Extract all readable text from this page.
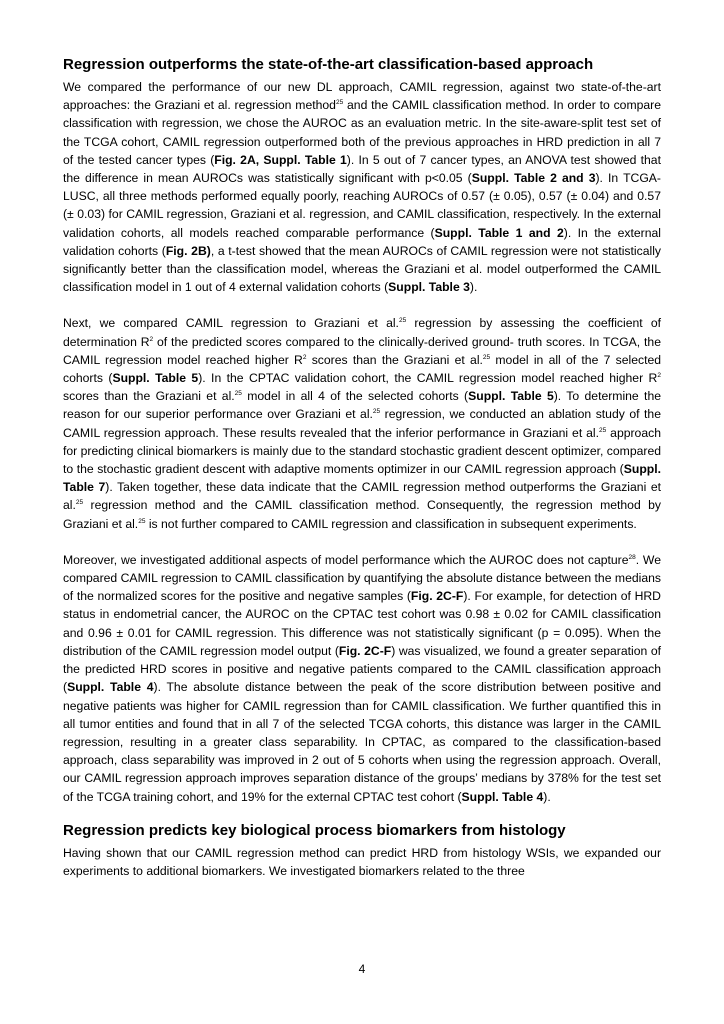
Regression outperforms the state-of-the-art classification-based approach

We compared the performance of our new DL approach, CAMIL regression, against two state-of-the-art approaches: the Graziani et al. regression method$^{25}$ and the CAMIL classification method. In order to compare classification with regression, we chose the AUROC as an evaluation metric. In the site-aware-split test set of the TCGA cohort, CAMIL regression outperformed both of the previous approaches in HRD prediction in all 7 of the tested cancer types (Fig. 2A, Suppl. Table 1). In 5 out of 7 cancer types, an ANOVA test showed that the difference in mean AUROCs was statistically significant with p<0.05 (Suppl. Table 2 and 3). In TCGA-LUSC, all three methods performed equally poorly, reaching AUROCs of 0.57 (± 0.05), 0.57 (± 0.04) and 0.57 (± 0.03) for CAMIL regression, Graziani et al. regression, and CAMIL classification, respectively. In the external validation cohorts, all models reached comparable performance (Suppl. Table 1 and 2). In the external validation cohorts (Fig. 2B), a t-test showed that the mean AUROCs of CAMIL regression were not statistically significantly better than the classification model, whereas the Graziani et al. model outperformed the CAMIL classification model in 1 out of 4 external validation cohorts (Suppl. Table 3).

Next, we compared CAMIL regression to Graziani et al.$^{25}$ regression by assessing the coefficient of determination $R^2$ of the predicted scores compared to the clinically-derived ground- truth scores. In TCGA, the CAMIL regression model reached higher $R^2$ scores than the Graziani et al.$^{25}$ model in all of the 7 selected cohorts (Suppl. Table 5). In the CPTAC validation cohort, the CAMIL regression model reached higher $R^2$ scores than the Graziani et al.$^{25}$ model in all 4 of the selected cohorts (Suppl. Table 5). To determine the reason for our superior performance over Graziani et al.$^{25}$ regression, we conducted an ablation study of the CAMIL regression approach. These results revealed that the inferior performance in Graziani et al.$^{25}$ approach for predicting clinical biomarkers is mainly due to the standard stochastic gradient descent optimizer, compared to the stochastic gradient descent with adaptive moments optimizer in our CAMIL regression approach (Suppl. Table 7). Taken together, these data indicate that the CAMIL regression method outperforms the Graziani et al.$^{25}$ regression method and the CAMIL classification method. Consequently, the regression method by Graziani et al.$^{25}$ is not further compared to CAMIL regression and classification in subsequent experiments.

Moreover, we investigated additional aspects of model performance which the AUROC does not capture$^{28}$. We compared CAMIL regression to CAMIL classification by quantifying the absolute distance between the medians of the normalized scores for the positive and negative samples (Fig. 2C-F). For example, for detection of HRD status in endometrial cancer, the AUROC on the CPTAC test cohort was 0.98 ± 0.02 for CAMIL classification and 0.96 ± 0.01 for CAMIL regression. This difference was not statistically significant (p = 0.095). When the distribution of the CAMIL regression model output (Fig. 2C-F) was visualized, we found a greater separation of the predicted HRD scores in positive and negative patients compared to the CAMIL classification approach (Suppl. Table 4). The absolute distance between the peak of the score distribution between positive and negative patients was higher for CAMIL regression than for CAMIL classification. We further quantified this in all tumor entities and found that in all 7 of the selected TCGA cohorts, this distance was larger in the CAMIL regression, resulting in a greater class separability. In CPTAC, as compared to the classification-based approach, class separability was improved in 2 out of 5 cohorts when using the regression approach. Overall, our CAMIL regression approach improves separation distance of the groups’ medians by 378% for the test set of the TCGA training cohort, and 19% for the external CPTAC test cohort (Suppl. Table 4).

Regression predicts key biological process biomarkers from histology

Having shown that our CAMIL regression method can predict HRD from histology WSIs, we expanded our experiments to additional biomarkers. We investigated biomarkers related to the three

4
